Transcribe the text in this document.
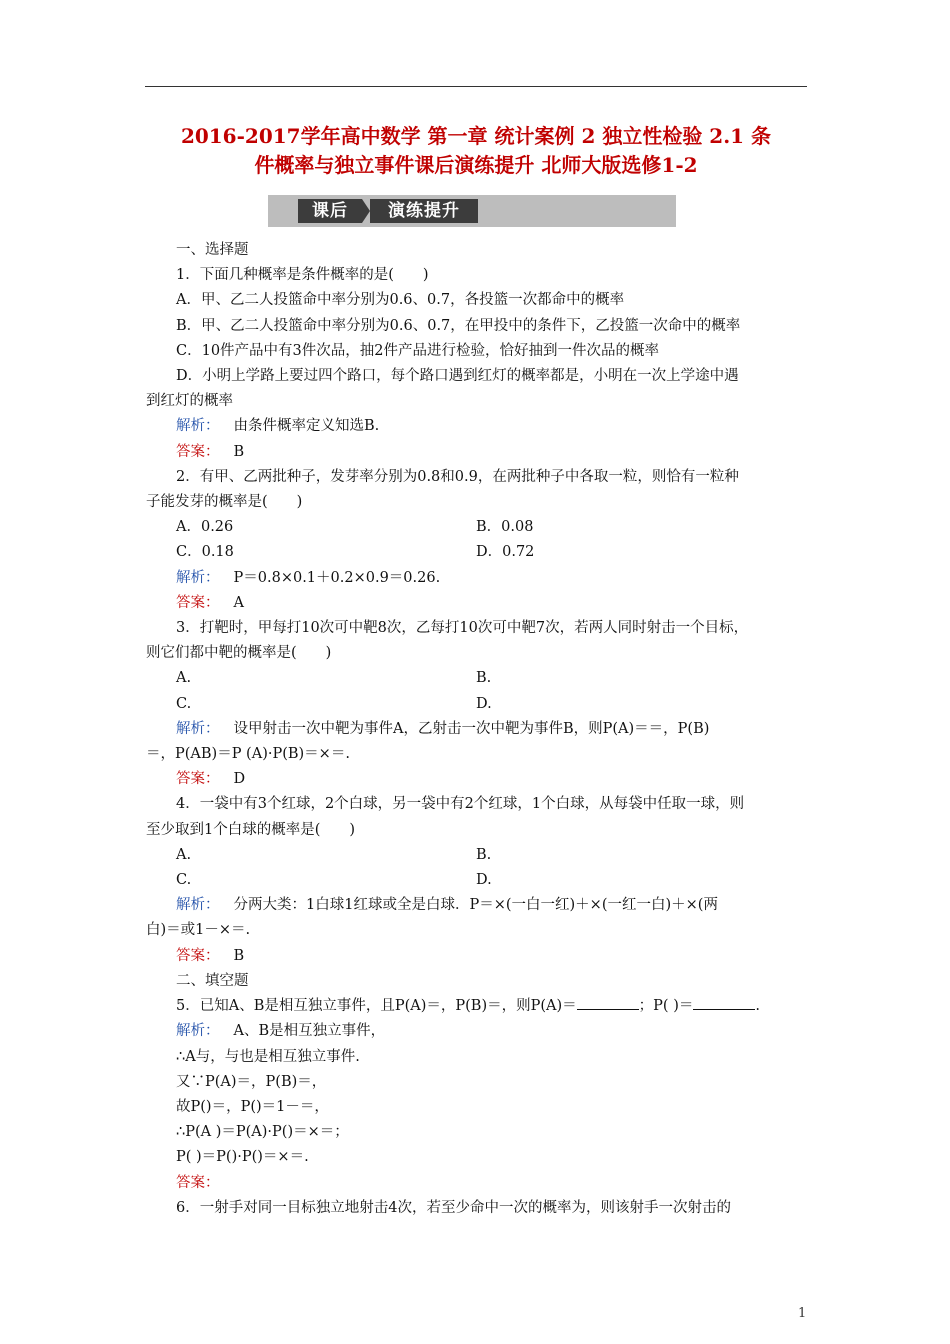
2016-2017学年高中数学 第一章 统计案例 2 独立性检验 2.1 条
件概率与独立事件课后演练提升 北师大版选修1-2
课后	演练提升

一、选择题

1．下面几种概率是条件概率的是(　　)

A．甲、乙二人投篮命中率分别为0.6、0.7，各投篮一次都命中的概率

B．甲、乙二人投篮命中率分别为0.6、0.7，在甲投中的条件下，乙投篮一次命中的概率

C．10件产品中有3件次品，抽2件产品进行检验，恰好抽到一件次品的概率

D．小明上学路上要过四个路口，每个路口遇到红灯的概率都是，小明在一次上学途中遇

到红灯的概率

解析： 由条件概率定义知选B.

答案： B

2．有甲、乙两批种子，发芽率分别为0.8和0.9，在两批种子中各取一粒，则恰有一粒种

子能发芽的概率是(　　)

A．0.26	B．0.08
C．0.18	D．0.72

解析： P＝0.8×0.1＋0.2×0.9＝0.26.

答案： A

3．打靶时，甲每打10次可中靶8次，乙每打10次可中靶7次，若两人同时射击一个目标，

则它们都中靶的概率是(　　)

A.	B.
C.	D.

解析： 设甲射击一次中靶为事件A，乙射击一次中靶为事件B，则P(A)＝＝，P(B)

＝，P(AB)＝P (A)·P(B)＝×＝.

答案： D

4．一袋中有3个红球，2个白球，另一袋中有2个红球，1个白球，从每袋中任取一球，则

至少取到1个白球的概率是(　　)

A.	B.
C.	D.

解析： 分两大类：1白球1红球或全是白球．P＝×(一白一红)＋×(一红一白)＋×(两

白)＝或1－×＝.

答案： B

二、填空题

5．已知A、B是相互独立事件，且P(A)＝，P(B)＝，则P(A)＝	；P( )＝	.

解析： A、B是相互独立事件，

∴A与，与也是相互独立事件.

又∵P(A)＝，P(B)＝，

故P()＝，P()＝1－＝，

∴P(A )＝P(A)·P()＝×＝；

P( )＝P()·P()＝×＝.

答案：

6．一射手对同一目标独立地射击4次，若至少命中一次的概率为，则该射手一次射击的

1
